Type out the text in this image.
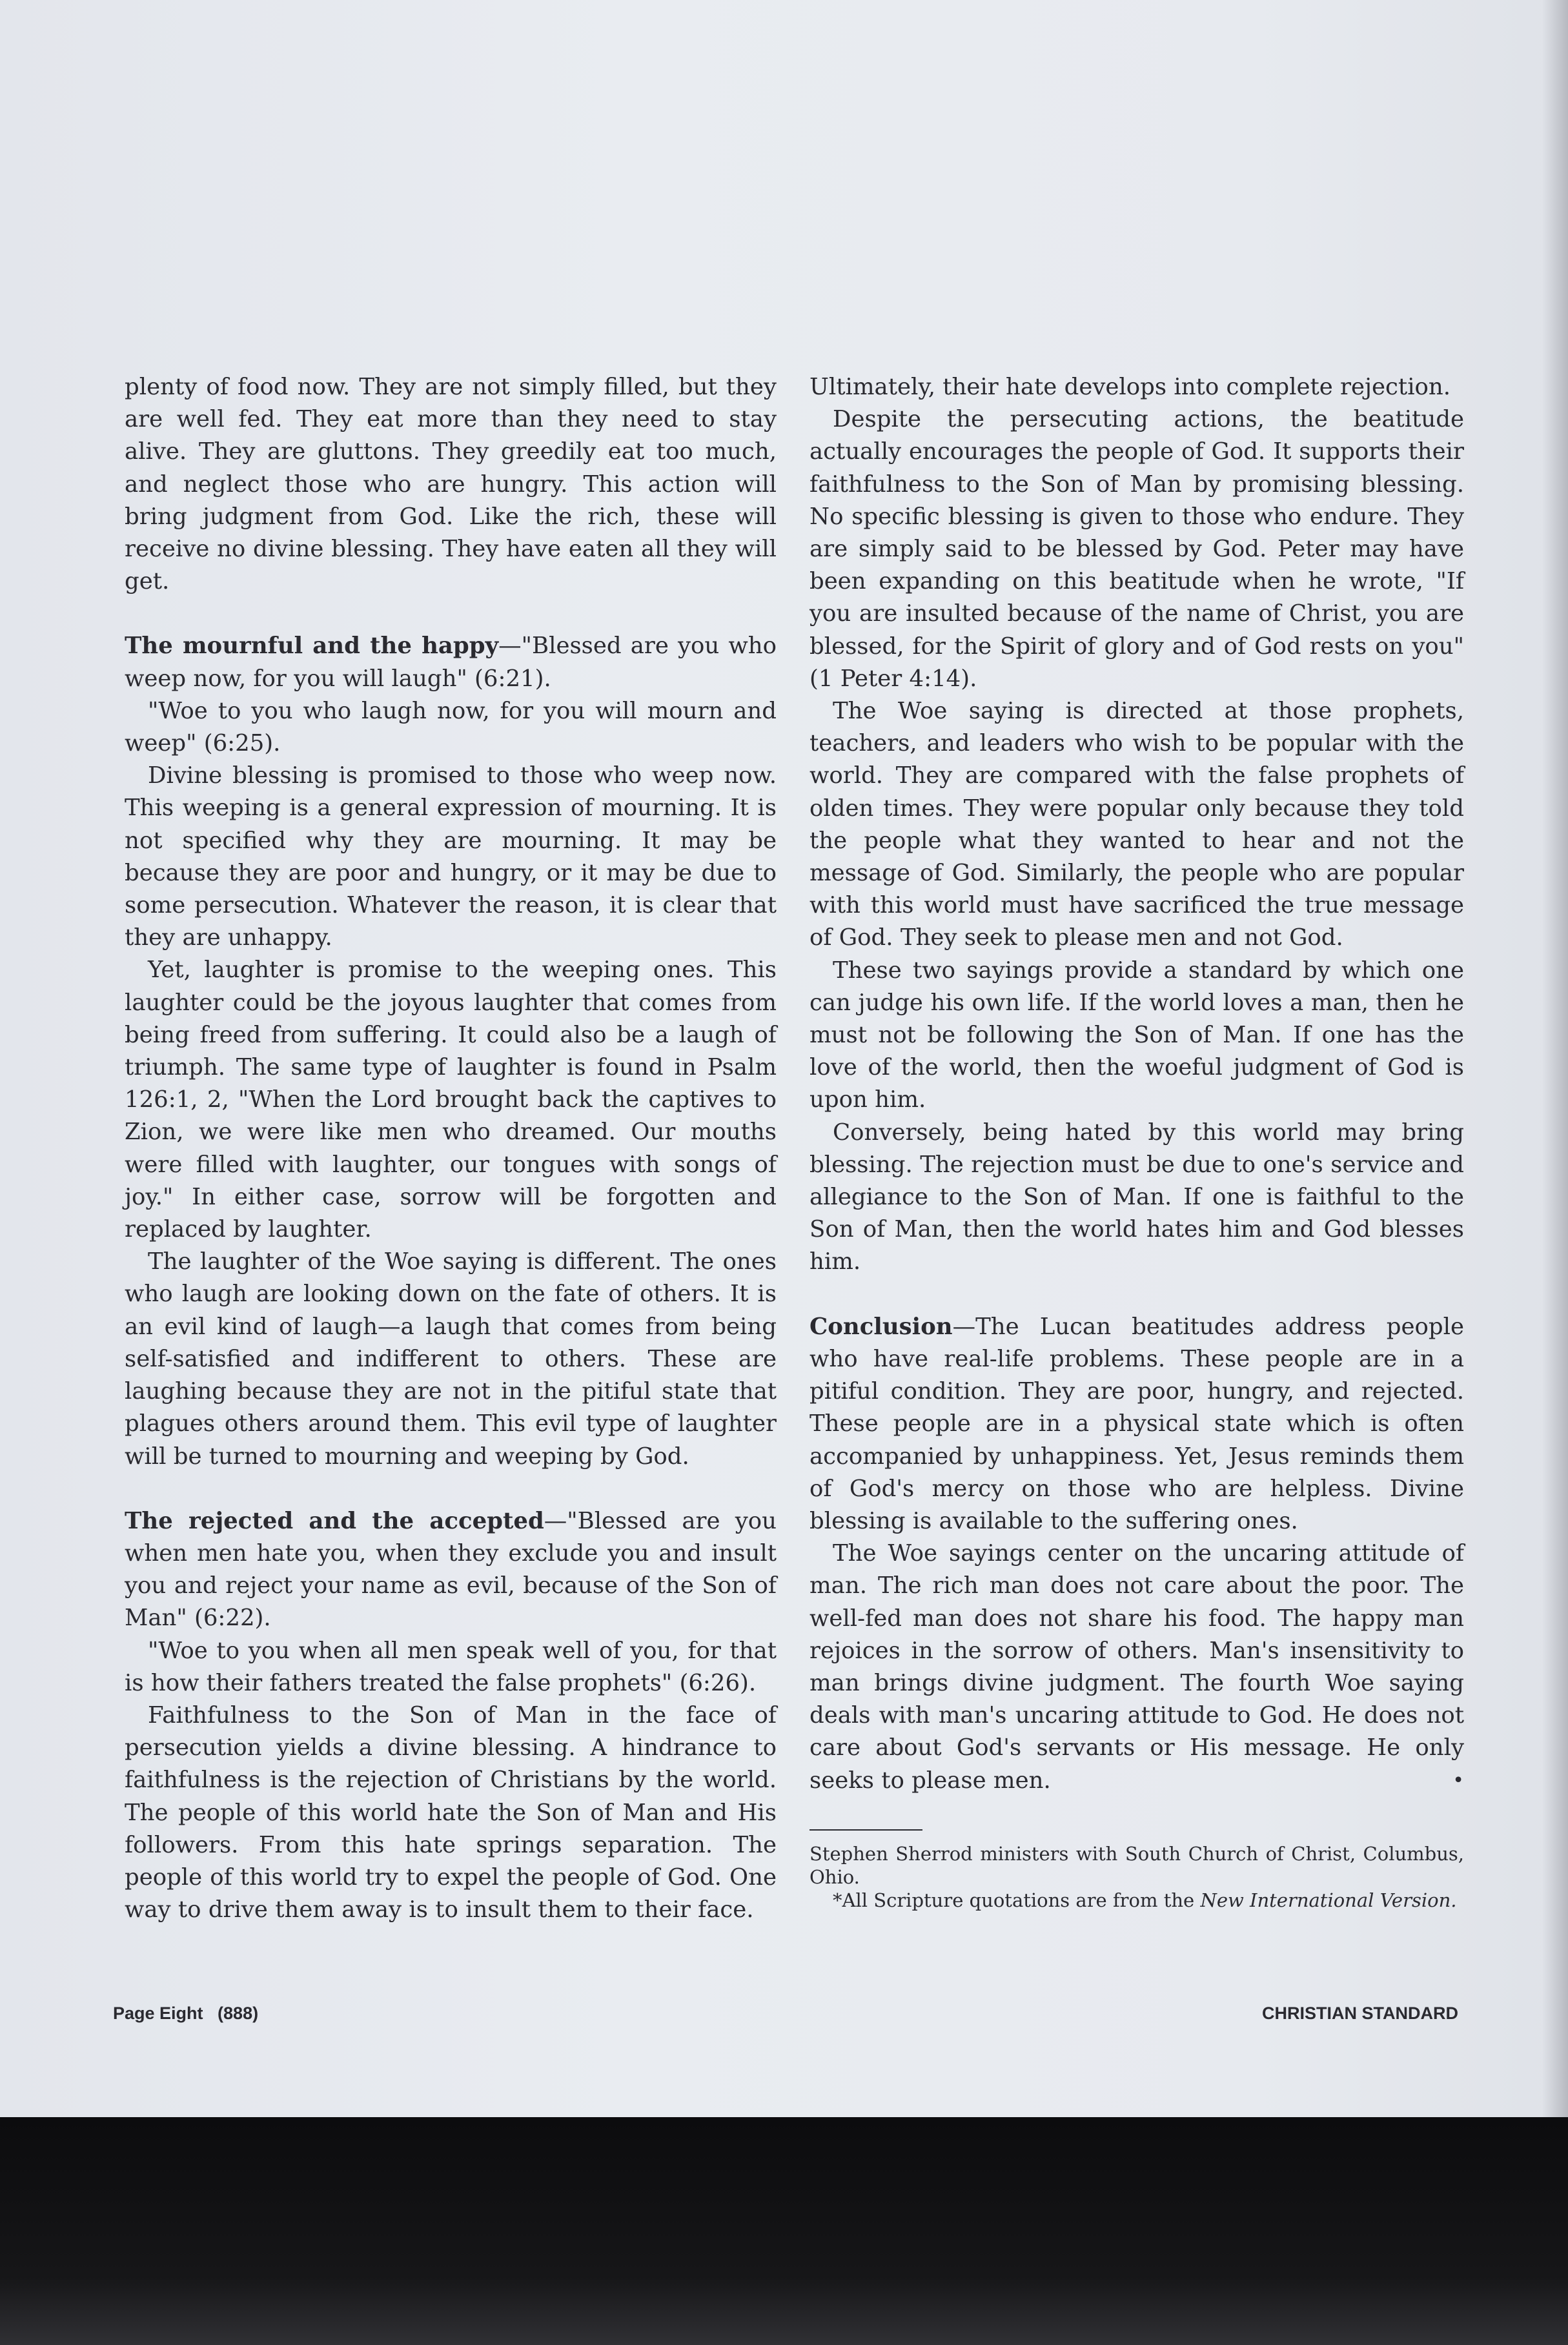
plenty of food now. They are not simply filled, but they are well fed. They eat more than they need to stay alive. They are gluttons. They greedily eat too much, and neglect those who are hungry. This action will bring judgment from God. Like the rich, these will receive no divine blessing. They have eaten all they will get.

The mournful and the happy—"Blessed are you who weep now, for you will laugh" (6:21).

"Woe to you who laugh now, for you will mourn and weep" (6:25).

Divine blessing is promised to those who weep now. This weeping is a general expression of mourning. It is not specified why they are mourning. It may be because they are poor and hungry, or it may be due to some persecution. Whatever the reason, it is clear that they are unhappy.

Yet, laughter is promise to the weeping ones. This laughter could be the joyous laughter that comes from being freed from suffering. It could also be a laugh of triumph. The same type of laughter is found in Psalm 126:1, 2, "When the Lord brought back the captives to Zion, we were like men who dreamed. Our mouths were filled with laughter, our tongues with songs of joy." In either case, sorrow will be forgotten and replaced by laughter.

The laughter of the Woe saying is different. The ones who laugh are looking down on the fate of others. It is an evil kind of laugh—a laugh that comes from being self-satisfied and indifferent to others. These are laughing because they are not in the pitiful state that plagues others around them. This evil type of laughter will be turned to mourning and weeping by God.

The rejected and the accepted—"Blessed are you when men hate you, when they exclude you and insult you and reject your name as evil, because of the Son of Man" (6:22).

"Woe to you when all men speak well of you, for that is how their fathers treated the false prophets" (6:26).

Faithfulness to the Son of Man in the face of persecution yields a divine blessing. A hindrance to faithfulness is the rejection of Christians by the world. The people of this world hate the Son of Man and His followers. From this hate springs separation. The people of this world try to expel the people of God. One way to drive them away is to insult them to their face.

Ultimately, their hate develops into complete rejection.

Despite the persecuting actions, the beatitude actually encourages the people of God. It supports their faithfulness to the Son of Man by promising blessing. No specific blessing is given to those who endure. They are simply said to be blessed by God. Peter may have been expanding on this beatitude when he wrote, "If you are insulted because of the name of Christ, you are blessed, for the Spirit of glory and of God rests on you" (1 Peter 4:14).

The Woe saying is directed at those prophets, teachers, and leaders who wish to be popular with the world. They are compared with the false prophets of olden times. They were popular only because they told the people what they wanted to hear and not the message of God. Similarly, the people who are popular with this world must have sacrificed the true message of God. They seek to please men and not God.

These two sayings provide a standard by which one can judge his own life. If the world loves a man, then he must not be following the Son of Man. If one has the love of the world, then the woeful judgment of God is upon him.

Conversely, being hated by this world may bring blessing. The rejection must be due to one's service and allegiance to the Son of Man. If one is faithful to the Son of Man, then the world hates him and God blesses him.

Conclusion—The Lucan beatitudes address people who have real-life problems. These people are in a pitiful condition. They are poor, hungry, and rejected. These people are in a physical state which is often accompanied by unhappiness. Yet, Jesus reminds them of God's mercy on those who are helpless. Divine blessing is available to the suffering ones.

The Woe sayings center on the uncaring attitude of man. The rich man does not care about the poor. The well-fed man does not share his food. The happy man rejoices in the sorrow of others. Man's insensitivity to man brings divine judgment. The fourth Woe saying deals with man's uncaring attitude to God. He does not care about God's servants or His message. He only seeks to please men.	•

Stephen Sherrod ministers with South Church of Christ, Columbus, Ohio.

*All Scripture quotations are from the New International Version.

Page Eight (888)	CHRISTIAN STANDARD
